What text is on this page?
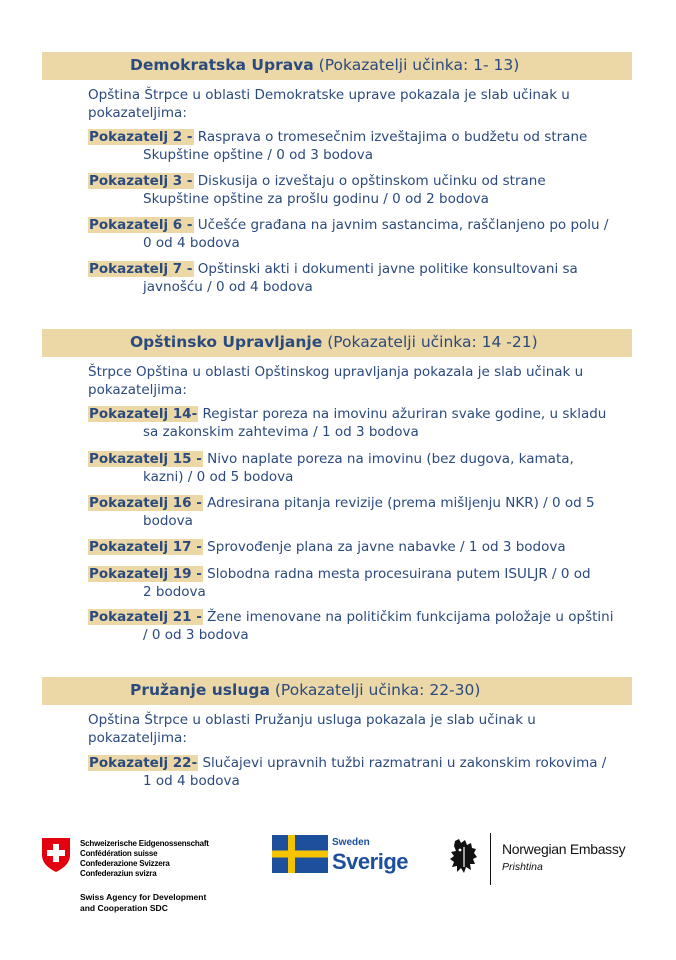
Demokratska Uprava (Pokazatelji učinka: 1- 13)
Opština Štrpce u oblasti Demokratske uprave pokazala je slab učinak u pokazateljima:
Pokazatelj 2 - Rasprava o tromesečnim izveštajima o budžetu od strane
Skupštine opštine / 0 od 3 bodova
Pokazatelj 3 - Diskusija o izveštaju o opštinskom učinku od strane
Skupštine opštine za prošlu godinu / 0 od 2 bodova
Pokazatelj 6 - Učešće građana na javnim sastancima, raščlanjeno po polu /
0 od 4 bodova
Pokazatelj 7 - Opštinski akti i dokumenti javne politike konsultovani sa
javnošću / 0 od 4 bodova
Opštinsko Upravljanje (Pokazatelji učinka: 14 -21)
Štrpce Opština u oblasti Opštinskog upravljanja pokazala je slab učinak u pokazateljima:
Pokazatelj 14- Registar poreza na imovinu ažuriran svake godine, u skladu
sa zakonskim zahtevima / 1 od 3 bodova
Pokazatelj 15 - Nivo naplate poreza na imovinu (bez dugova, kamata,
kazni) / 0 od 5 bodova
Pokazatelj 16 - Adresirana pitanja revizije (prema mišljenju NKR) / 0 od 5
bodova
Pokazatelj 17 - Sprovođenje plana za javne nabavke / 1 od 3 bodova
Pokazatelj 19 - Slobodna radna mesta procesuirana putem ISULJR / 0 od
2 bodova
Pokazatelj 21 - Žene imenovane na političkim funkcijama položaje u opštini
/ 0 od 3 bodova
Pružanje usluga (Pokazatelji učinka: 22-30)
Opština Štrpce u oblasti Pružanju usluga pokazala je slab učinak u pokazateljima:
Pokazatelj 22- Slučajevi upravnih tužbi razmatrani u zakonskim rokovima /
1 od 4 bodova
Schweizerische Eidgenossenschaft
Confédération suisse
Confederazione Svizzera
Confederaziun svizra
Swiss Agency for Development
and Cooperation SDC
Sweden
Sverige	Norwegian Embassy
Prishtina
